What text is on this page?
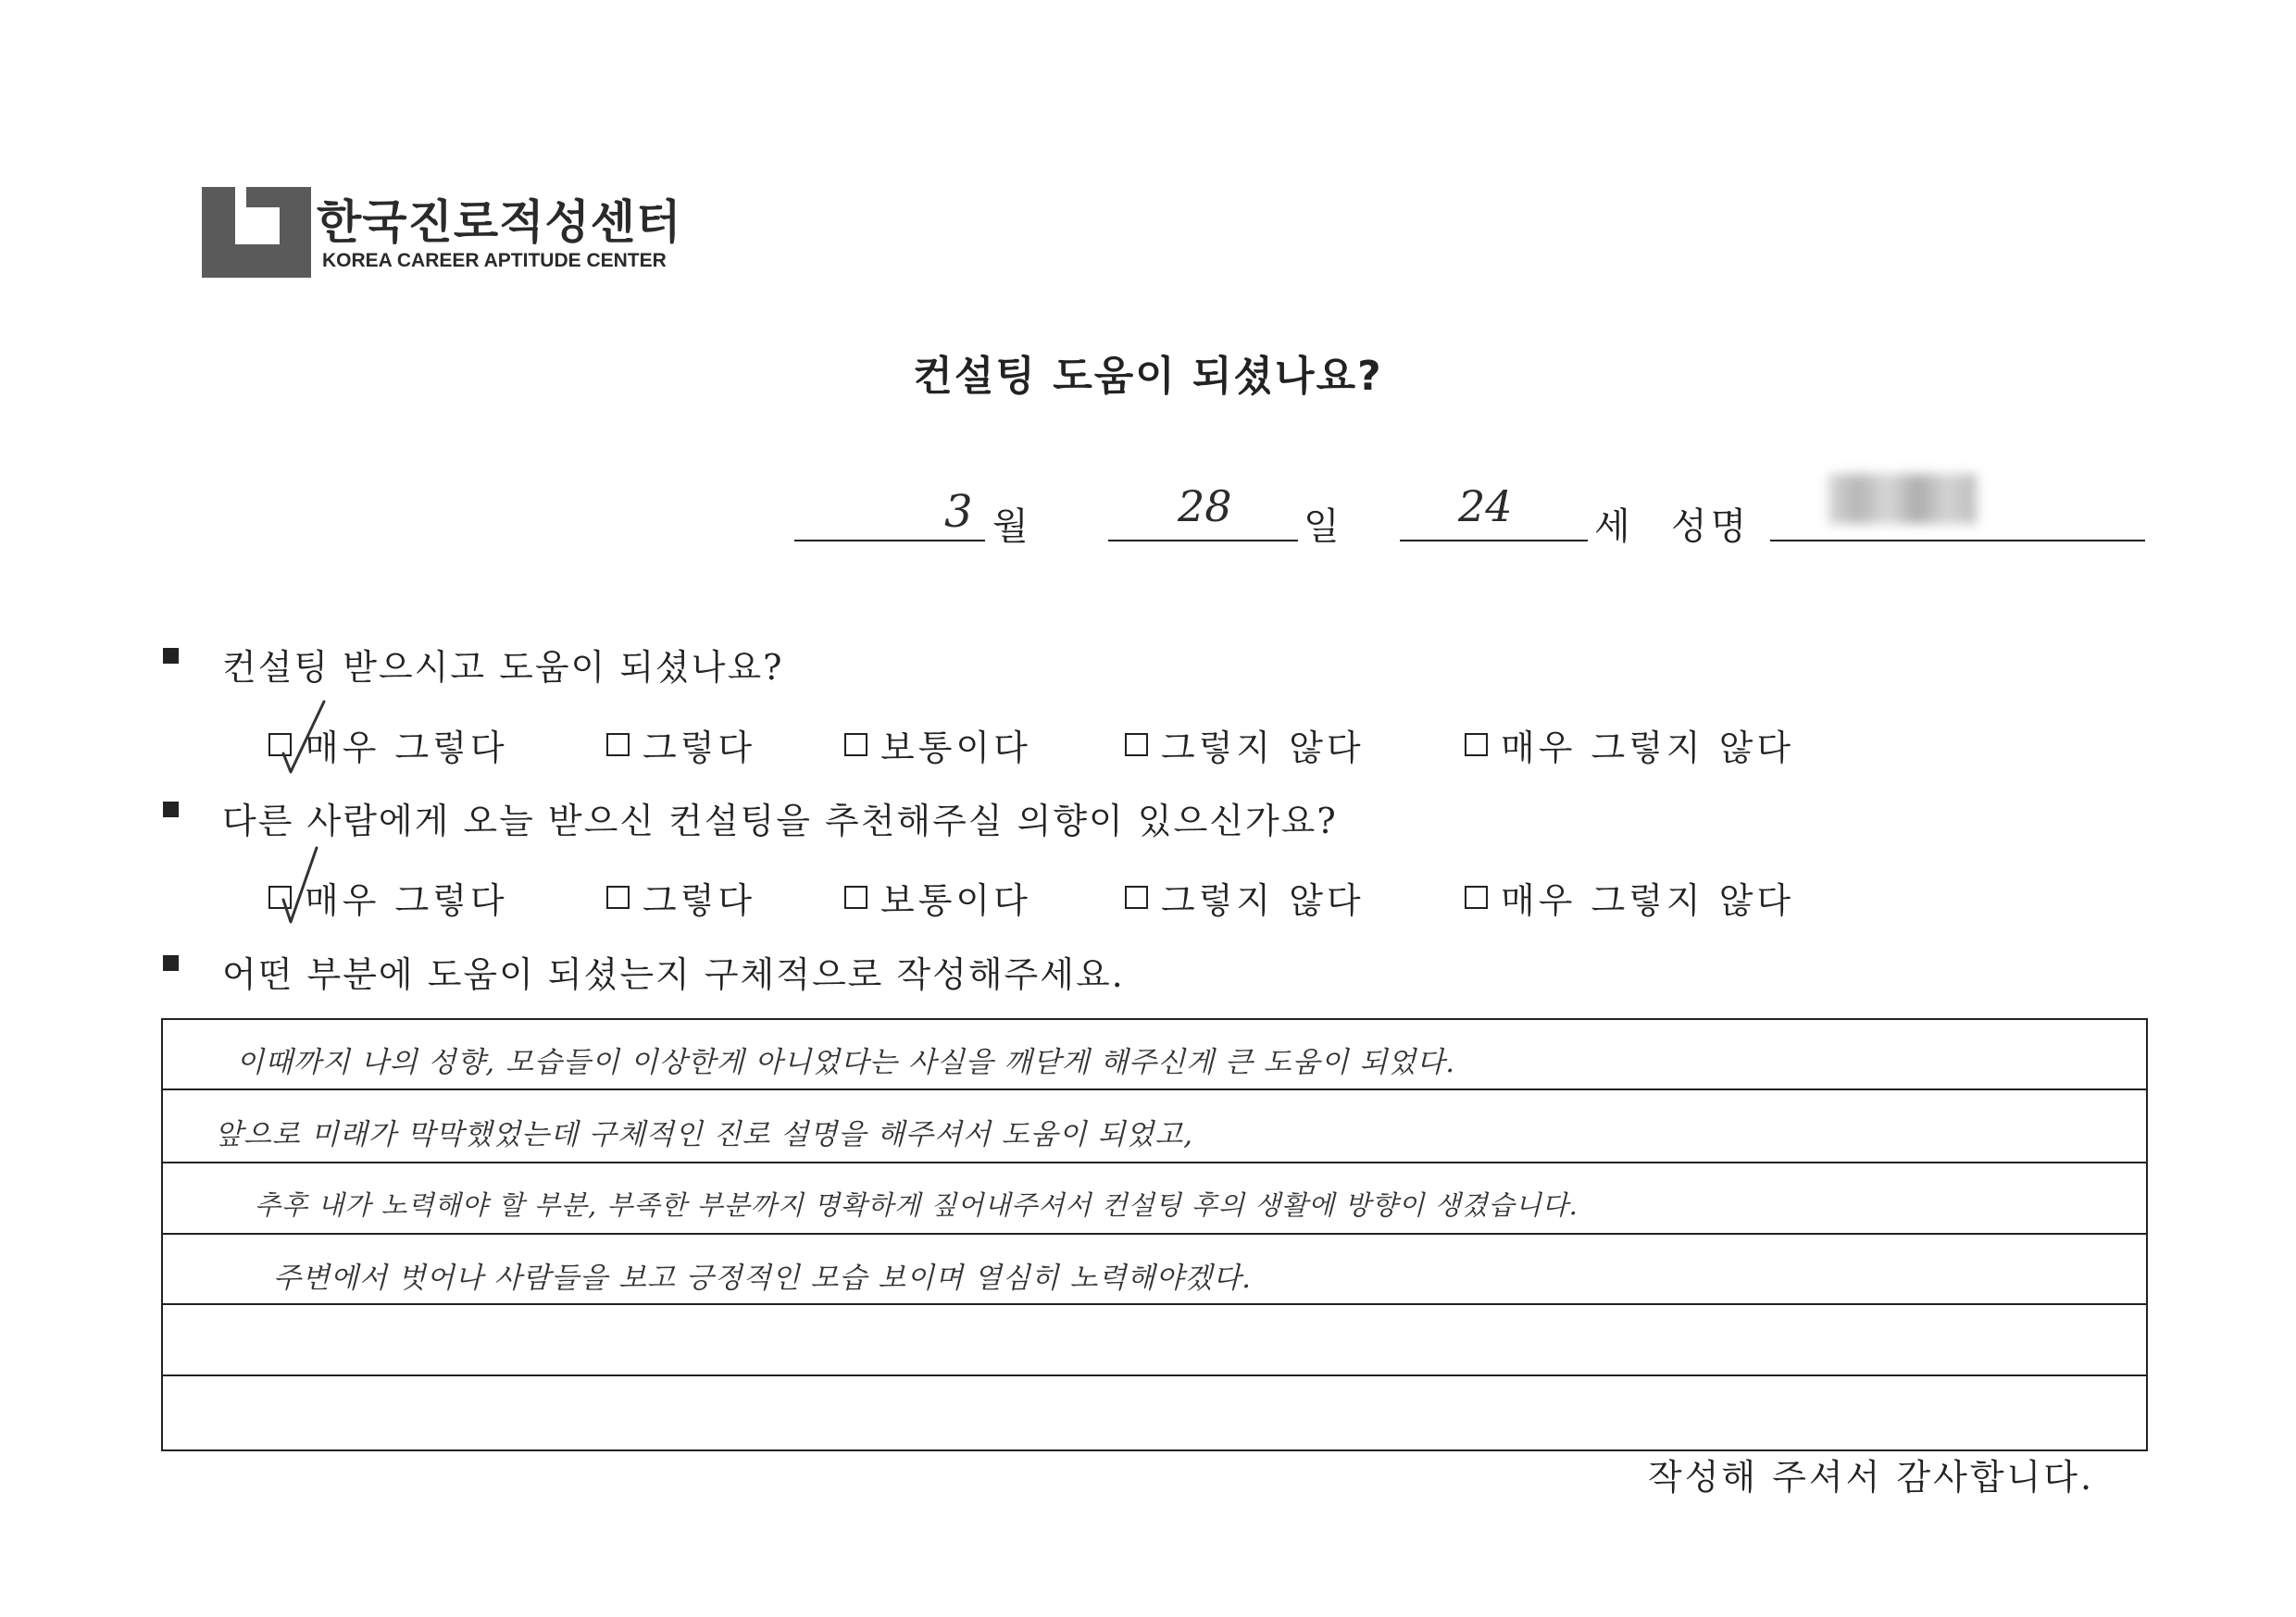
한국진로적성센터
KOREA CAREER APTITUDE CENTER
컨설팅 도움이 되셨나요?
3 월	28 일	24 세 성명
컨설팅 받으시고 도움이 되셨나요?
매우 그렇다	그렇다	보통이다	그렇지 않다	매우 그렇지 않다
다른 사람에게 오늘 받으신 컨설팅을 추천해주실 의향이 있으신가요?
매우 그렇다	그렇다	보통이다	그렇지 않다	매우 그렇지 않다
어떤 부분에 도움이 되셨는지 구체적으로 작성해주세요.
이때까지 나의 성향, 모습들이 이상한게 아니었다는 사실을 깨닫게 해주신게 큰 도움이 되었다.
앞으로 미래가 막막했었는데 구체적인 진로 설명을 해주셔서 도움이 되었고,
추후 내가 노력해야 할 부분, 부족한 부분까지 명확하게 짚어내주셔서 컨설팅 후의 생활에 방향이 생겼습니다.
주변에서 벗어나 사람들을 보고 긍정적인 모습 보이며 열심히 노력해야겠다.
작성해 주셔서 감사합니다.
